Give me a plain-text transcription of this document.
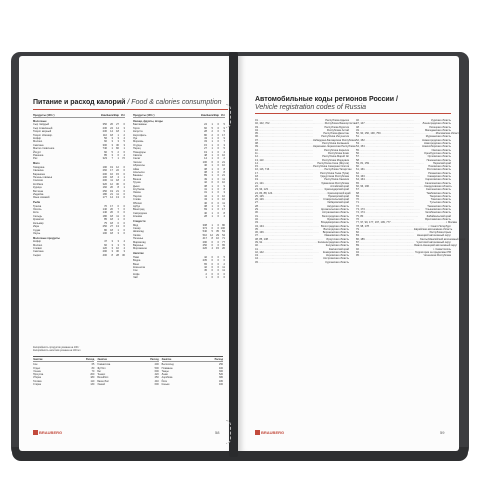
Питание и расход калорий / Food & calories consumption
Продукты (100 г)	Ккал Белк Жир Угл
Молочные
Сыр твёрдый	350	26	27	0
Сыр плавленый	230	24	14	3
Творог жирный	230	14	18	1
Творог обезжир.	110	18	1	2
Кефир	56	3	3	4
Молоко	60	3	3	5
Сметана	300	3	30	3
Масло сливочное	740	1	82	1
Йогурт	60	5	2	6
Ряженка	85	3	6	4
Рис	323	7	1	72
Мясо
Говядина	190	19	12	0
Свинина	260	17	22	0
Баранина	200	16	15	0
Печень говяжья	100	18	4	1
Сосиски	200	11	18	2
Колбаса	320	12	30	0
Курица	160	20	8	1
Ветчина	250	19	21	0
Индейка	180	21	11	0
Язык говяжий	177	14	13	0
Рыба
Треска	70	17	0	0
Лосось	140	20	7	0
Кета	140	20	6	0
Сельдь	180	18	11	0
Креветки	85	18	1	0
Кальмар	75	18	0	0
Икра	250	27	13	0
Судак	80	18	1	0
Окунь	100	18	3	0
Молочные продукты
Кефир	47	3	3	4
Молоко	60	3	3	5
Сливки	120	3	10	4
Сметана	290	3	30	3
Сырки	400	8	28	30
Продукты (100 г)	Ккал Белк Жир Угл
Овощи, фрукты, ягоды
Баклажаны	24	1	0	5
Горох	60	5	0	9
Капуста	28	2	0	5
Картофель	80	2	0	17
Лук	43	1	0	9
Морковь	33	1	0	7
Огурцы	15	1	0	3
Перец	27	1	0	5
Помидоры	19	1	0	4
Свёкла	48	1	0	10
Салат	14	1	0	2
Чеснок	106	6	0	21
Абрикосы	46	1	0	10
Айва	38	1	0	8
Апельсин	38	1	0	8
Бананы	89	1	0	21
Вишня	49	1	0	11
Груша	42	0	0	10
Дыня	38	1	0	9
Клубника	41	1	0	8
Лимон	31	1	0	3
Персик	44	1	0	10
Слива	43	1	0	10
Яблоки	46	0	0	11
Арбуз	38	1	0	9
Виноград	69	1	0	17
Смородина	40	1	0	8
Клюква	28	1	0	4
Сладости
Мёд	308	1	0	80
Сахар	374	0	0 100
Шоколад	540	5	35	53
Халва	510	12	29	54
Печенье	417	8	10	71
Мармелад	290	0	0	77
Варенье	250	0	0	65
Мороженое	226	4	15	20
Напитки
Пиво	42	0	0	5
Водка	235	0	0	0
Вино	65	0	0	2
Кока-кола	42	0	0	11
Сок	45	0	0	11
Кофе	2	0	0	0
Чай	1	0	0	0
Калорийность продуктов указана на 100 г
Калорийность напитков указана на 100 мл
Занятие	Расход
Сон	65
Отдых	80
Чтение	70
Прогулка	200
Уборка	180
Готовка	110
Стирка	130
Занятие	Расход
Гимнастика	200
Футбол	500
Бег	600
Теннис	420
Волейбол	250
Баскетбол	440
Хоккей	600
Занятие	Расход
Велосипед	250
Плавание	400
Танцы	300
Лыжи	520
Аэробика	380
Йога	180
Коньки	400
BRAUBERG	58
Автомобильные коды регионов России /
Vehicle registration codes of Russia
01 ............................................................	Республика Адыгея
02, 102, 702 ............................................................ Республика Башкортостан
03 ............................................................	Республика Бурятия
04 ............................................................	Республика Алтай
05 ............................................................	Республика Дагестан
06 ............................................................	Республика Ингушетия
07 ............................................................ Кабардино-Балкарская Республика
08 ............................................................	Республика Калмыкия
09 ............................................................ Карачаево-Черкесская Республика
10 ............................................................	Республика Карелия
11 ............................................................	Республика Коми
12 ............................................................	Республика Марий Эл
13, 113 ............................................................	Республика Мордовия
14 ............................................................	Республика Саха (Якутия)
15 ............................................................ Республика Северная Осетия
16, 116, 716 ............................................................ Республика Татарстан
17 ............................................................	Республика Тыва (Тува)
18 ............................................................	Удмуртская Республика
19 ............................................................	Республика Хакасия
21, 121 ............................................................ Чувашская Республика
22 ............................................................	Алтайский край
23, 93, 123 ............................................................ Краснодарский край
24, 84, 88, 124 ............................................................ Красноярский край
25, 125 ............................................................	Приморский край
26, 126 ............................................................	Ставропольский край
27 ............................................................	Хабаровский край
28 ............................................................	Амурская область
29 ............................................................	Архангельская область
30 ............................................................	Астраханская область
31 ............................................................	Белгородская область
32 ............................................................	Брянская область
33 ............................................................	Владимирская область
34, 134 ............................................................ Волгоградская область
35 ............................................................	Вологодская область
36, 136 ............................................................	Воронежская область
37 ............................................................	Ивановская область
38, 85, 138 ............................................................	Иркутская область
39, 91 ............................................................ Калининградская область
40 ............................................................	Калужская область
41 ............................................................	Камчатский край
42, 142 ............................................................	Кемеровская область
43 ............................................................	Кировская область
44 ............................................................	Костромская область
45 ............................................................	Курганская область
46 ............................................................	Курская область
47, 147 ............................................................	Ленинградская область
48 ............................................................	Липецкая область
49 ............................................................	Магаданская область
50, 90, 150, 190, 750 ............................................................ Московская область
51 ............................................................	Мурманская область
52, 152 ............................................................ Нижегородская область
53 ............................................................	Новгородская область
54, 154 ............................................................ Новосибирская область
55 ............................................................	Омская область
56 ............................................................	Оренбургская область
57 ............................................................	Орловская область
58 ............................................................	Пензенская область
59, 81, 159 ............................................................	Пермский край
60 ............................................................	Псковская область
61, 161 ............................................................	Ростовская область
62 ............................................................	Рязанская область
63, 163 ............................................................	Самарская область
64, 164 ............................................................	Саратовская область
65 ............................................................	Сахалинская область
66, 96, 196 ............................................................ Свердловская область
67 ............................................................	Смоленская область
68 ............................................................	Тамбовская область
69 ............................................................	Тверская область
70 ............................................................	Томская область
71 ............................................................	Тульская область
72 ............................................................	Тюменская область
73, 173 ............................................................	Ульяновская область
74, 174 ............................................................	Челябинская область
75, 80 ............................................................	Забайкальский край
76 ............................................................	Ярославская область
77, 97, 99, 177, 197, 199, 777 ............................................................ г. Москва
78, 98, 178 ............................................................	г. Санкт-Петербург
79 ............................................................ Еврейская автономная область
82 ............................................................	Республика Крым
83 ............................................................	Ненецкий автономный округ
86, 186 ............................................................ Ханты-Мансийский автономный округ
87 ............................................................ Чукотский автономный округ
89 ............................................................ Ямало-Ненецкий автономный округ
92 ............................................................	г. Севастополь
94 ............................................................ Территории за пределами РФ
95 ............................................................	Чеченская Республика
BRAUBERG	59
